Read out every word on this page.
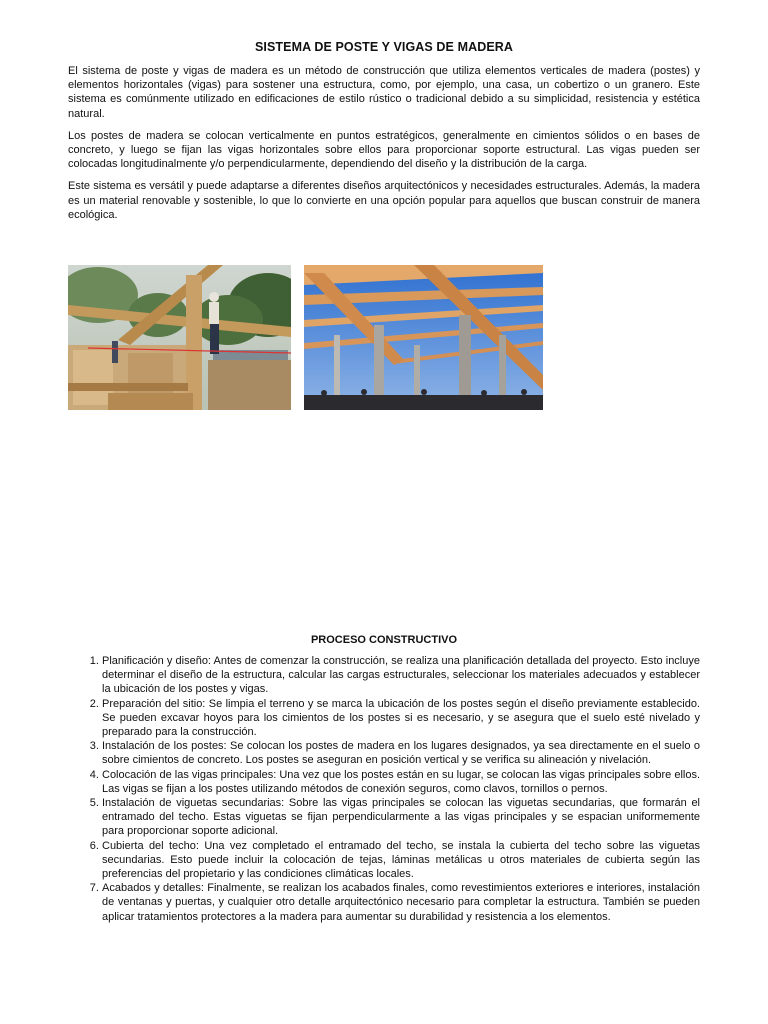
SISTEMA DE POSTE Y VIGAS DE MADERA

El sistema de poste y vigas de madera es un método de construcción que utiliza elementos verticales de madera (postes) y elementos horizontales (vigas) para sostener una estructura, como, por ejemplo, una casa, un cobertizo o un granero. Este sistema es comúnmente utilizado en edificaciones de estilo rústico o tradicional debido a su simplicidad, resistencia y estética natural.

Los postes de madera se colocan verticalmente en puntos estratégicos, generalmente en cimientos sólidos o en bases de concreto, y luego se fijan las vigas horizontales sobre ellos para proporcionar soporte estructural. Las vigas pueden ser colocadas longitudinalmente y/o perpendicularmente, dependiendo del diseño y la distribución de la carga.

Este sistema es versátil y puede adaptarse a diferentes diseños arquitectónicos y necesidades estructurales. Además, la madera es un material renovable y sostenible, lo que lo convierte en una opción popular para aquellos que buscan construir de manera ecológica.

PROCESO CONSTRUCTIVO
1. Planificación y diseño: Antes de comenzar la construcción, se realiza una planificación detallada del proyecto. Esto incluye determinar el diseño de la estructura, calcular las cargas estructurales, seleccionar los materiales adecuados y establecer la ubicación de los postes y vigas.
2. Preparación del sitio: Se limpia el terreno y se marca la ubicación de los postes según el diseño previamente establecido. Se pueden excavar hoyos para los cimientos de los postes si es necesario, y se asegura que el suelo esté nivelado y preparado para la construcción.
3. Instalación de los postes: Se colocan los postes de madera en los lugares designados, ya sea directamente en el suelo o sobre cimientos de concreto. Los postes se aseguran en posición vertical y se verifica su alineación y nivelación.
4. Colocación de las vigas principales: Una vez que los postes están en su lugar, se colocan las vigas principales sobre ellos. Las vigas se fijan a los postes utilizando métodos de conexión seguros, como clavos, tornillos o pernos.
5. Instalación de viguetas secundarias: Sobre las vigas principales se colocan las viguetas secundarias, que formarán el entramado del techo. Estas viguetas se fijan perpendicularmente a las vigas principales y se espacian uniformemente para proporcionar soporte adicional.
6. Cubierta del techo: Una vez completado el entramado del techo, se instala la cubierta del techo sobre las viguetas secundarias. Esto puede incluir la colocación de tejas, láminas metálicas u otros materiales de cubierta según las preferencias del propietario y las condiciones climáticas locales.
7. Acabados y detalles: Finalmente, se realizan los acabados finales, como revestimientos exteriores e interiores, instalación de ventanas y puertas, y cualquier otro detalle arquitectónico necesario para completar la estructura. También se pueden aplicar tratamientos protectores a la madera para aumentar su durabilidad y resistencia a los elementos.
